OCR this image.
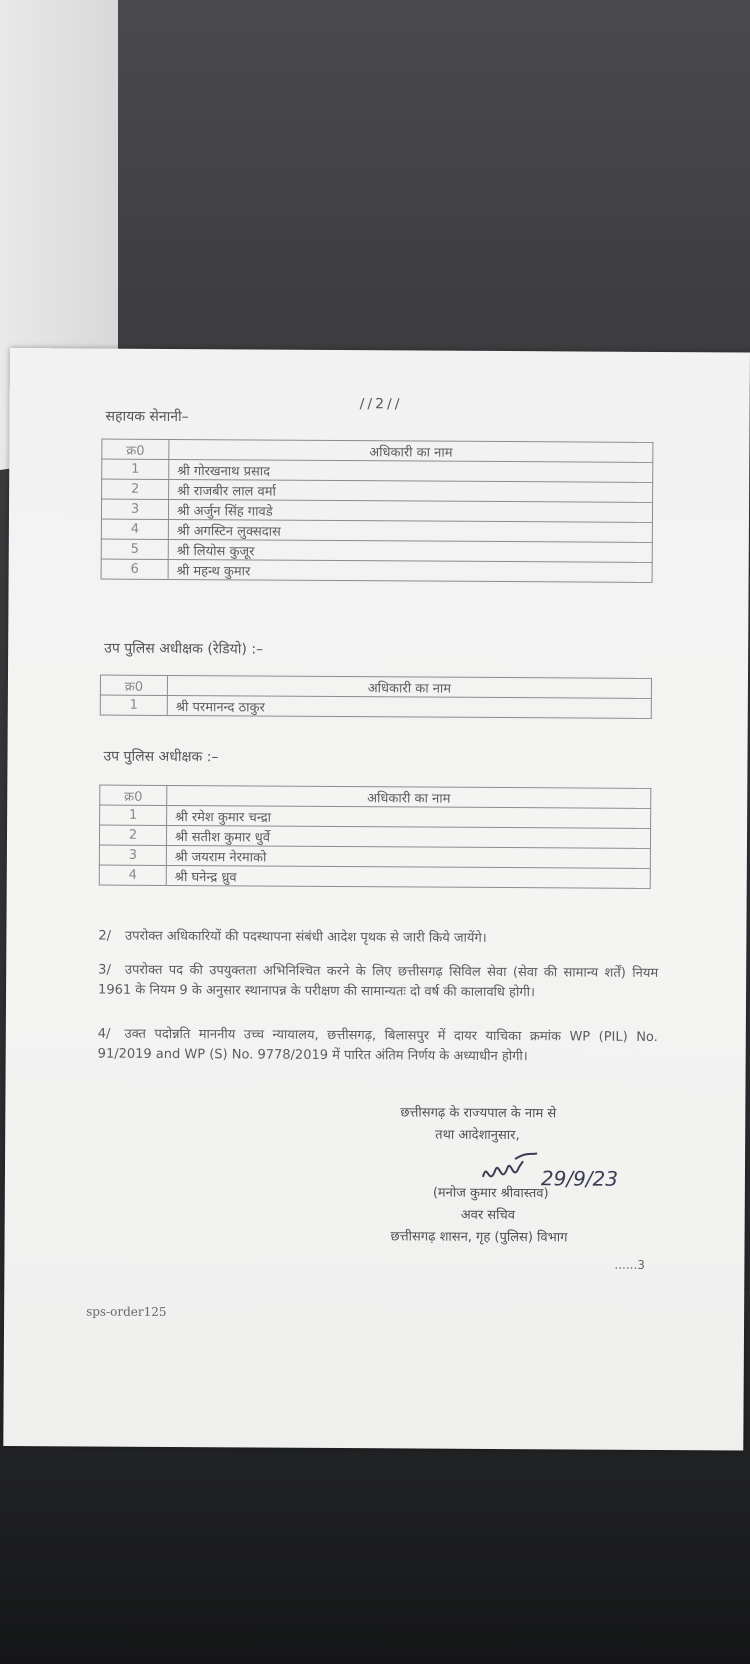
//2//
सहायक सेनानी–
क्र0	अधिकारी का नाम
1	श्री गोरखनाथ प्रसाद
2	श्री राजबीर लाल वर्मा
3	श्री अर्जुन सिंह गावडे
4	श्री अगस्टिन लुक्सदास
5	श्री लियोस कुजूर
6	श्री महन्थ कुमार
उप पुलिस अधीक्षक (रेडियो) :–
क्र0	अधिकारी का नाम
1	श्री परमानन्द ठाकुर
उप पुलिस अधीक्षक :–
क्र0	अधिकारी का नाम
1	श्री रमेश कुमार चन्द्रा
2	श्री सतीश कुमार धुर्वे
3	श्री जयराम नेरमाको
4	श्री घनेन्द्र ध्रुव
2/ उपरोक्त अधिकारियों की पदस्थापना संबंधी आदेश पृथक से जारी किये जायेंगे।
3/ उपरोक्त पद की उपयुक्तता अभिनिश्चित करने के लिए छत्तीसगढ़ सिविल सेवा (सेवा की सामान्य शर्तें) नियम 1961 के नियम 9 के अनुसार स्थानापन्न के परीक्षण की सामान्यतः दो वर्ष की कालावधि होगी।
4/ उक्त पदोन्नति माननीय उच्च न्यायालय, छत्तीसगढ़, बिलासपुर में दायर याचिका क्रमांक WP (PIL) No. 91/2019 and WP (S) No. 9778/2019 में पारित अंतिम निर्णय के अध्याधीन होगी।
छत्तीसगढ़ के राज्यपाल के नाम से
तथा आदेशानुसार,
29/9/23
(मनोज कुमार श्रीवास्तव)
अवर सचिव
छत्तीसगढ़ शासन, गृह (पुलिस) विभाग
......3
sps-order125
